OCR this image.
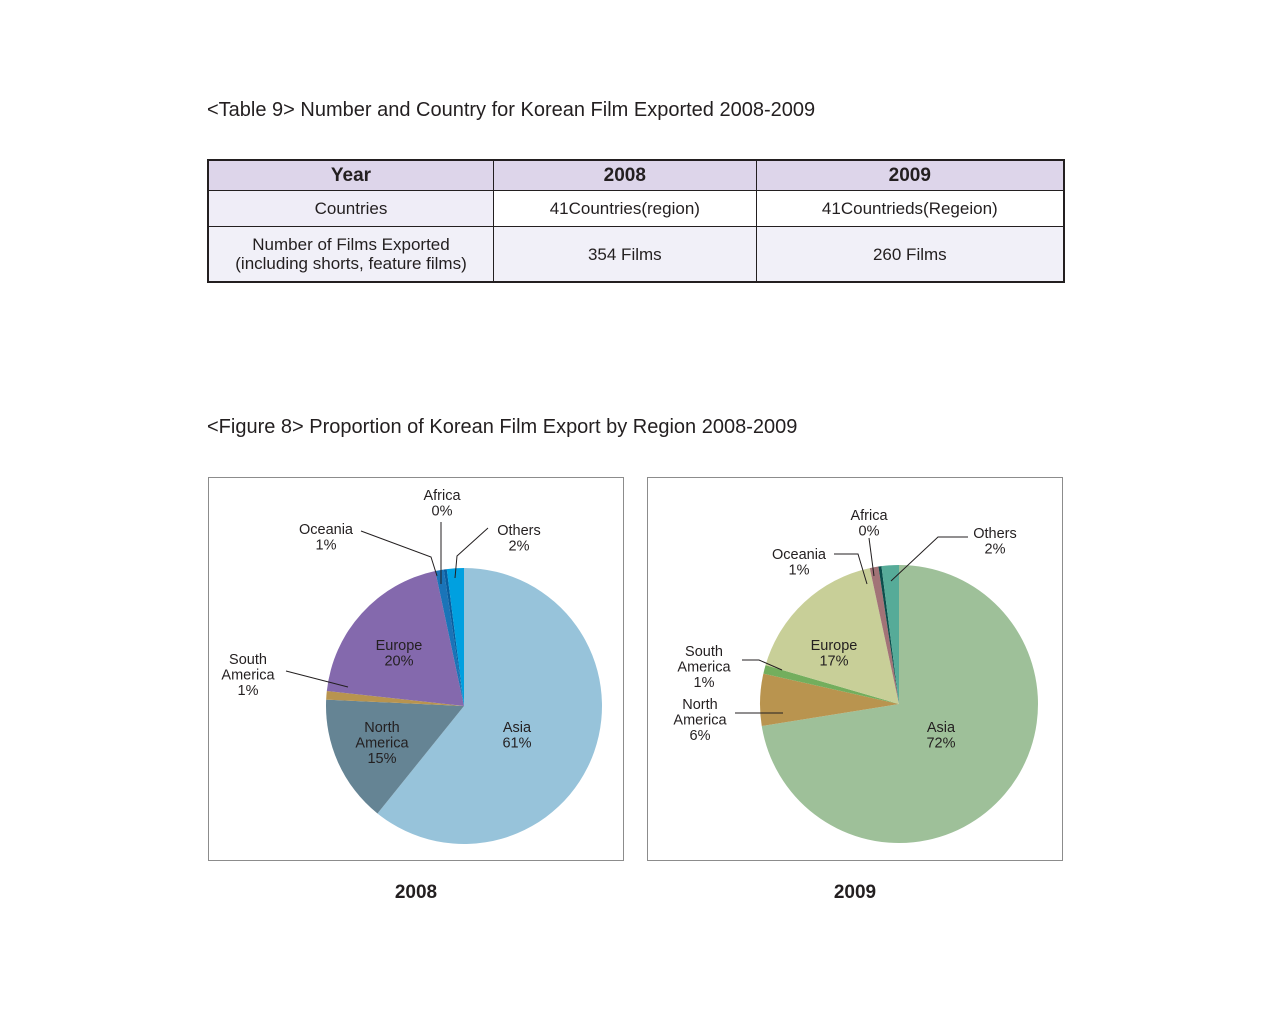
<Table 9> Number and Country for Korean Film Exported 2008-2009
Year	2008	2009
Countries	41Countries(region)	41Countrieds(Regeion)

Number of Films Exported
(including shorts, feature films)	354 Films	260 Films
<Figure 8> Proportion of Korean Film Export by Region 2008-2009
Asia 61%
North America 15%
South America 1%
Europe 20%
Oceania 1%
Africa 0%
Others 2%
Asia 72%
North America 6%
South America 1%
Europe 17%
Oceania 1%
Africa 0%	Others 2%
2008	2009
